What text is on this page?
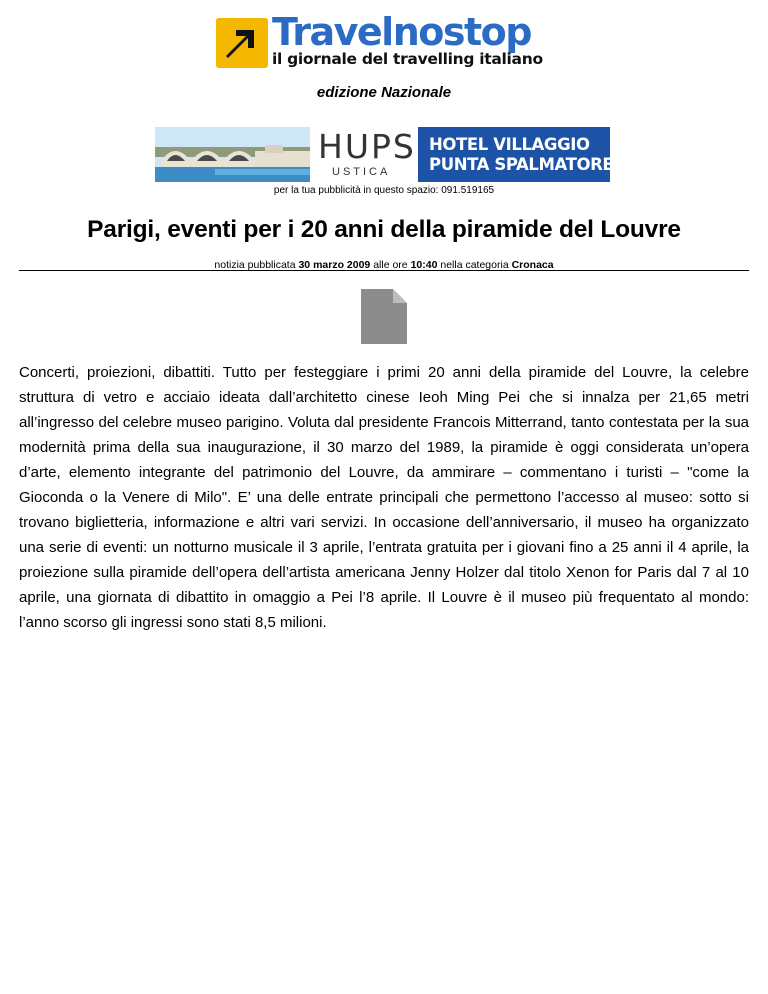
Travelnostop
il giornale del travelling italiano
edizione Nazionale
HUPS
USTICA
HOTEL VILLAGGIO
PUNTA SPALMATORE
per la tua pubblicità in questo spazio: 091.519165
Parigi, eventi per i 20 anni della piramide del Louvre
notizia pubblicata 30 marzo 2009 alle ore 10:40 nella categoria Cronaca

Concerti, proiezioni, dibattiti. Tutto per festeggiare i primi 20 anni della piramide del Louvre, la celebre struttura di vetro e acciaio ideata dall’architetto cinese Ieoh Ming Pei che si innalza per 21,65 metri all’ingresso del celebre museo parigino. Voluta dal presidente Francois Mitterrand, tanto contestata per la sua modernità prima della sua inaugurazione, il 30 marzo del 1989, la piramide è oggi considerata un’opera d’arte, elemento integrante del patrimonio del Louvre, da ammirare – commentano i turisti – "come la Gioconda o la Venere di Milo". E’ una delle entrate principali che permettono l’accesso al museo: sotto si trovano biglietteria, informazione e altri vari servizi. In occasione dell’anniversario, il museo ha organizzato una serie di eventi: un notturno musicale il 3 aprile, l’entrata gratuita per i giovani fino a 25 anni il 4 aprile, la proiezione sulla piramide dell’opera dell’artista americana Jenny Holzer dal titolo Xenon for Paris dal 7 al 10 aprile, una giornata di dibattito in omaggio a Pei l’8 aprile. Il Louvre è il museo più frequentato al mondo: l’anno scorso gli ingressi sono stati 8,5 milioni.
